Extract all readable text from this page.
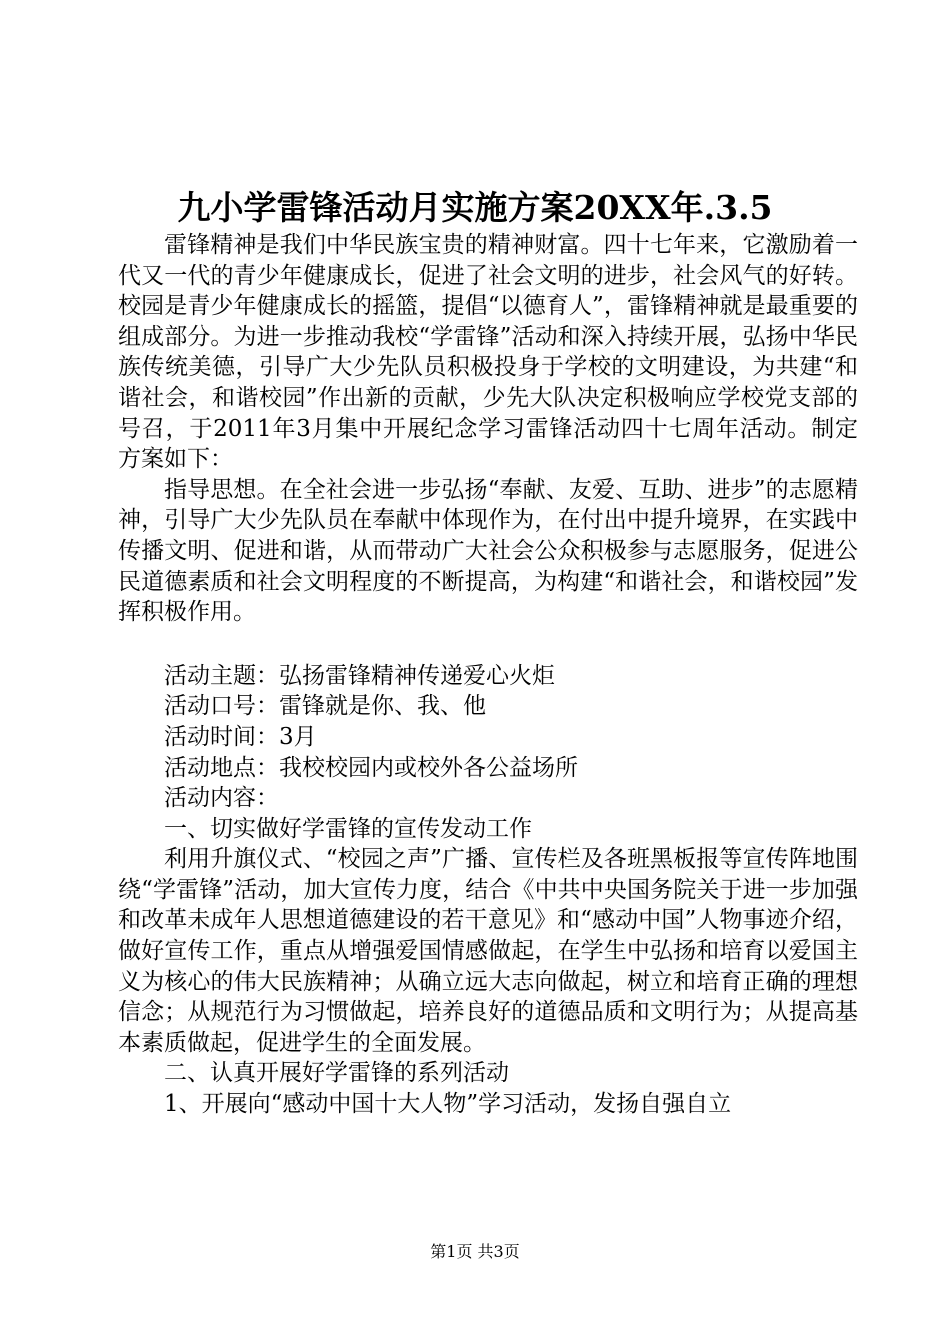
九小学雷锋活动月实施方案20XX年.3.5

雷锋精神是我们中华民族宝贵的精神财富。四十七年来，它激励着一代又一代的青少年健康成长，促进了社会文明的进步，社会风气的好转。校园是青少年健康成长的摇篮，提倡“以德育人”，雷锋精神就是最重要的组成部分。为进一步推动我校“学雷锋”活动和深入持续开展，弘扬中华民族传统美德，引导广大少先队员积极投身于学校的文明建设，为共建“和谐社会，和谐校园”作出新的贡献，少先大队决定积极响应学校党支部的号召，于2011年3月集中开展纪念学习雷锋活动四十七周年活动。制定方案如下：

指导思想。在全社会进一步弘扬“奉献、友爱、互助、进步”的志愿精神，引导广大少先队员在奉献中体现作为，在付出中提升境界，在实践中传播文明、促进和谐，从而带动广大社会公众积极参与志愿服务，促进公民道德素质和社会文明程度的不断提高，为构建“和谐社会，和谐校园”发挥积极作用。

活动主题：弘扬雷锋精神传递爱心火炬

活动口号：雷锋就是你、我、他

活动时间：3月

活动地点：我校校园内或校外各公益场所

活动内容：

一、切实做好学雷锋的宣传发动工作

利用升旗仪式、“校园之声”广播、宣传栏及各班黑板报等宣传阵地围绕“学雷锋”活动，加大宣传力度，结合《中共中央国务院关于进一步加强和改革未成年人思想道德建设的若干意见》和“感动中国”人物事迹介绍，做好宣传工作，重点从增强爱国情感做起，在学生中弘扬和培育以爱国主义为核心的伟大民族精神；从确立远大志向做起，树立和培育正确的理想信念；从规范行为习惯做起，培养良好的道德品质和文明行为；从提高基本素质做起，促进学生的全面发展。

二、认真开展好学雷锋的系列活动

1、开展向“感动中国十大人物”学习活动，发扬自强自立

第1页 共3页
